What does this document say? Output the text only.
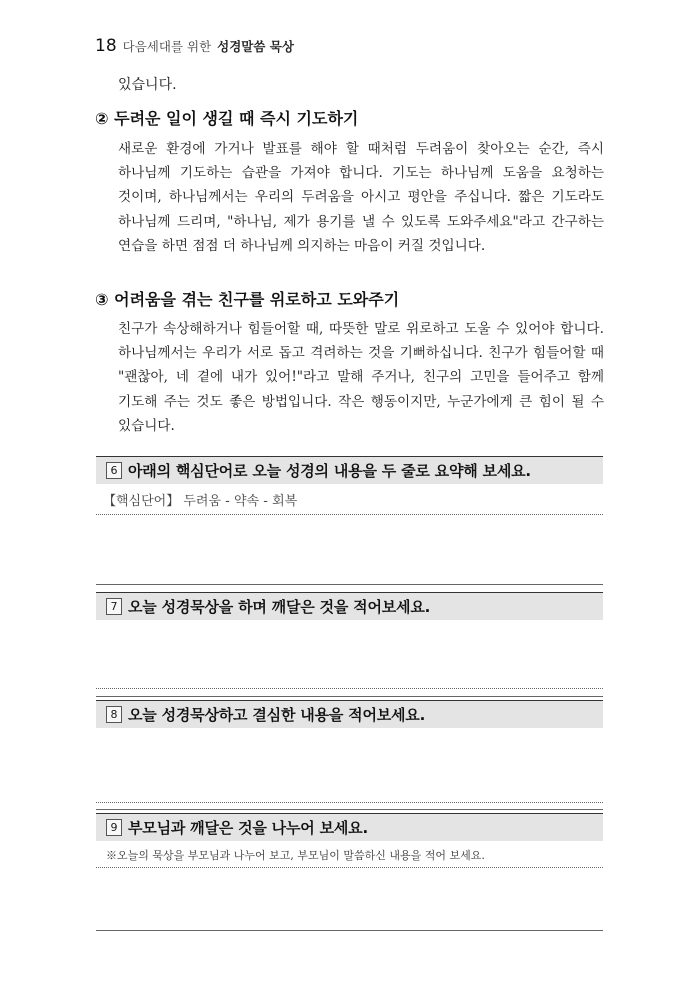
18 다음세대를 위한 성경말씀 묵상
있습니다.
② 두려운 일이 생길 때 즉시 기도하기

새로운 환경에 가거나 발표를 해야 할 때처럼 두려움이 찾아오는 순간, 즉시 하나님께 기도하는 습관을 가져야 합니다. 기도는 하나님께 도움을 요청하는 것이며, 하나님께서는 우리의 두려움을 아시고 평안을 주십니다. 짧은 기도라도 하나님께 드리며, "하나님, 제가 용기를 낼 수 있도록 도와주세요"라고 간구하는 연습을 하면 점점 더 하나님께 의지하는 마음이 커질 것입니다.

③ 어려움을 겪는 친구를 위로하고 도와주기

친구가 속상해하거나 힘들어할 때, 따뜻한 말로 위로하고 도울 수 있어야 합니다. 하나님께서는 우리가 서로 돕고 격려하는 것을 기뻐하십니다. 친구가 힘들어할 때 "괜찮아, 네 곁에 내가 있어!"라고 말해 주거나, 친구의 고민을 들어주고 함께 기도해 주는 것도 좋은 방법입니다. 작은 행동이지만, 누군가에게 큰 힘이 될 수 있습니다.

6 아래의 핵심단어로 오늘 성경의 내용을 두 줄로 요약해 보세요.
【핵심단어】 두려움 - 약속 - 회복
7 오늘 성경묵상을 하며 깨달은 것을 적어보세요.
8 오늘 성경묵상하고 결심한 내용을 적어보세요.
9 부모님과 깨달은 것을 나누어 보세요.
※오늘의 묵상을 부모님과 나누어 보고, 부모님이 말씀하신 내용을 적어 보세요.
